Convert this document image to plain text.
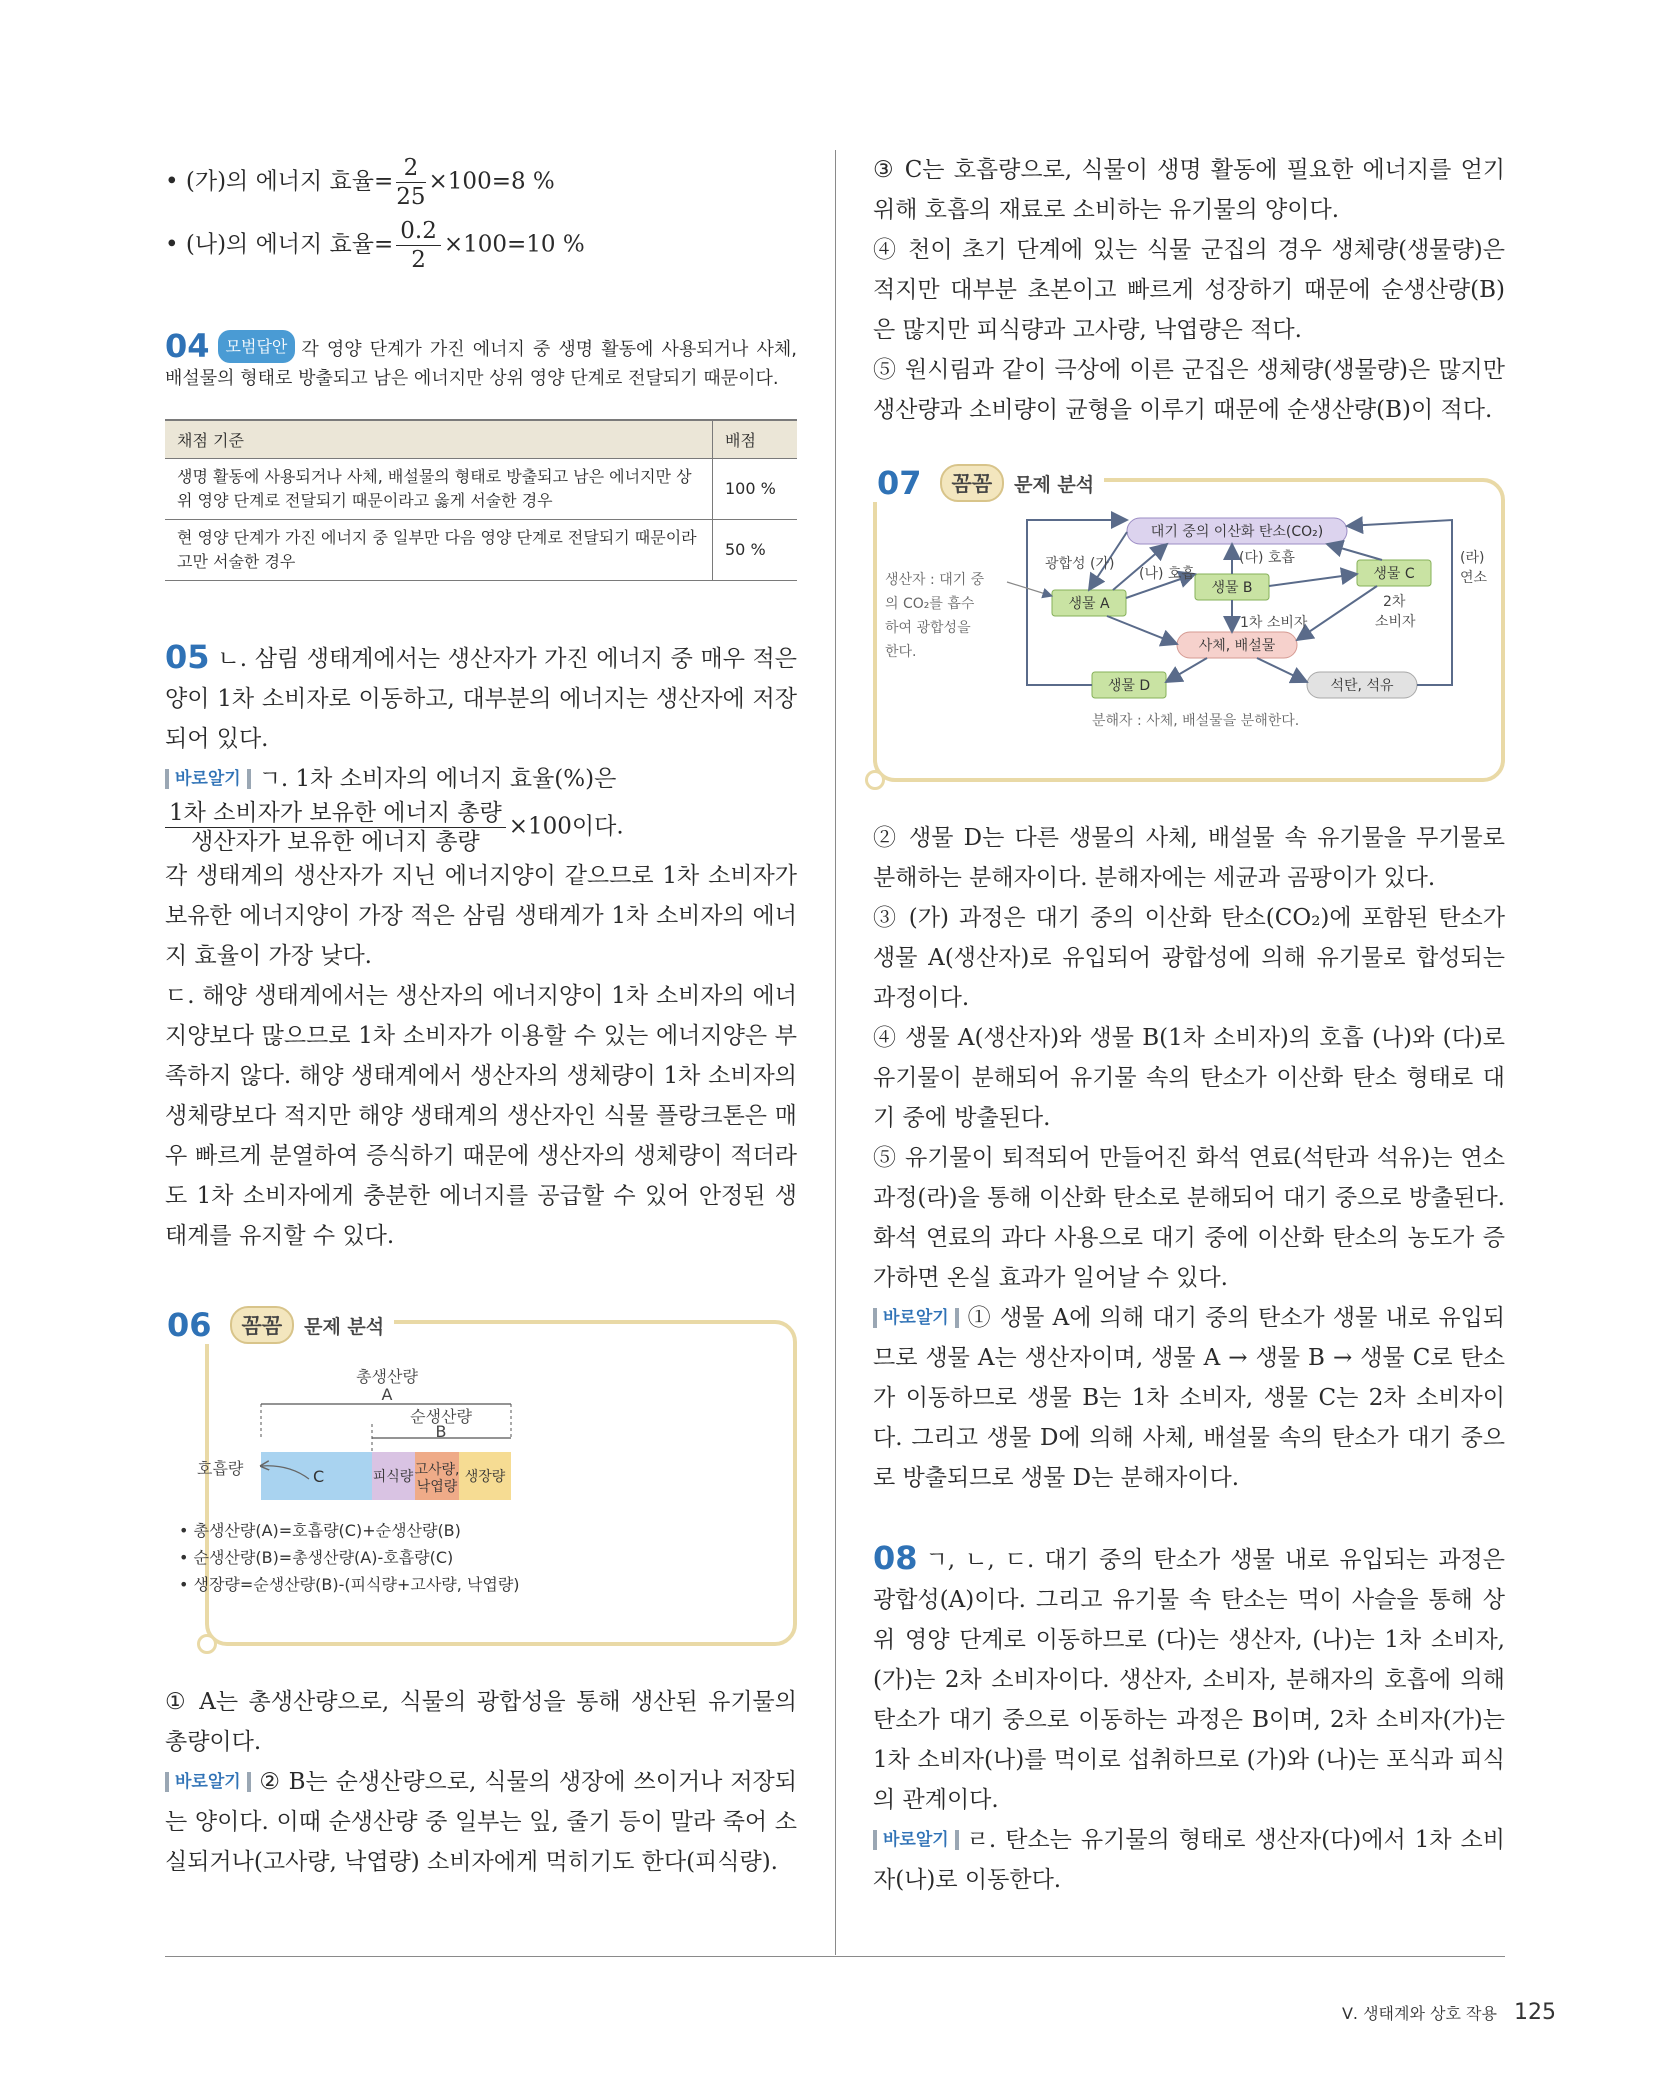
• (가)의 에너지 효율= $\frac{2}{25} \times 100=8$ %
• (나)의 에너지 효율= $\frac{0.2}{2} \times 100=10$ %

04 모범답안 각 영양 단계가 가진 에너지 중 생명 활동에 사용되거나 사체, 배설물의 형태로 방출되고 남은 에너지만 상위 영양 단계로 전달되기 때문이다.

채점 기준	배점
생명 활동에 사용되거나 사체, 배설물의 형태로 방출되고 남은 에너지만 상위 영양 단계로 전달되기 때문이라고 옳게 서술한 경우	100 %
현 영양 단계가 가진 에너지 중 일부만 다음 영양 단계로 전달되기 때문이라고만 서술한 경우	50 %

05 ㄴ. 삼림 생태계에서는 생산자가 가진 에너지 중 매우 적은 양이 1차 소비자로 이동하고, 대부분의 에너지는 생산자에 저장되어 있다.

바로알기 ㄱ. 1차 소비자의 에너지 효율(%)은

$\frac{\text{1차 소비자가 보유한 에너지 총량}}{\text{생산자가 보유한 에너지 총량}} \times 100$이다.

각 생태계의 생산자가 지닌 에너지양이 같으므로 1차 소비자가 보유한 에너지양이 가장 적은 삼림 생태계가 1차 소비자의 에너지 효율이 가장 낮다.

ㄷ. 해양 생태계에서는 생산자의 에너지양이 1차 소비자의 에너지양보다 많으므로 1차 소비자가 이용할 수 있는 에너지양은 부족하지 않다. 해양 생태계에서 생산자의 생체량이 1차 소비자의 생체량보다 적지만 해양 생태계의 생산자인 식물 플랑크톤은 매우 빠르게 분열하여 증식하기 때문에 생산자의 생체량이 적더라도 1차 소비자에게 충분한 에너지를 공급할 수 있어 안정된 생태계를 유지할 수 있다.

06	꼼꼼	문제 분석
총생산량
A
순생산량
B
C	피식량 고사량,
낙엽량
생장량
호흡량
• 총생산량(A)=호흡량(C)+순생산량(B)
• 순생산량(B)=총생산량(A)-호흡량(C)
• 생장량=순생산량(B)-(피식량+고사량, 낙엽량)

① A는 총생산량으로, 식물의 광합성을 통해 생산된 유기물의 총량이다.

바로알기 ② B는 순생산량으로, 식물의 생장에 쓰이거나 저장되는 양이다. 이때 순생산량 중 일부는 잎, 줄기 등이 말라 죽어 소실되거나(고사량, 낙엽량) 소비자에게 먹히기도 한다(피식량).

③ C는 호흡량으로, 식물이 생명 활동에 필요한 에너지를 얻기 위해 호흡의 재료로 소비하는 유기물의 양이다.

④ 천이 초기 단계에 있는 식물 군집의 경우 생체량(생물량)은 적지만 대부분 초본이고 빠르게 성장하기 때문에 순생산량(B)은 많지만 피식량과 고사량, 낙엽량은 적다.

⑤ 원시림과 같이 극상에 이른 군집은 생체량(생물량)은 많지만 생산량과 소비량이 균형을 이루기 때문에 순생산량(B)이 적다.

07	꼼꼼	문제 분석
대기 중의 이산화 탄소(CO₂)
생물 A
생물 B
생물 C
사체, 배설물
생물 D	석탄, 석유
광합성 (가)
(나) 호흡
(다) 호흡
1차 소비자
2차
소비자
(라)
연소
생산자 : 대기 중
의 CO₂를 흡수
하여 광합성을
한다.
분해자 : 사체, 배설물을 분해한다.

② 생물 D는 다른 생물의 사체, 배설물 속 유기물을 무기물로 분해하는 분해자이다. 분해자에는 세균과 곰팡이가 있다.

③ (가) 과정은 대기 중의 이산화 탄소(CO₂)에 포함된 탄소가 생물 A(생산자)로 유입되어 광합성에 의해 유기물로 합성되는 과정이다.

④ 생물 A(생산자)와 생물 B(1차 소비자)의 호흡 (나)와 (다)로 유기물이 분해되어 유기물 속의 탄소가 이산화 탄소 형태로 대기 중에 방출된다.

⑤ 유기물이 퇴적되어 만들어진 화석 연료(석탄과 석유)는 연소 과정(라)을 통해 이산화 탄소로 분해되어 대기 중으로 방출된다. 화석 연료의 과다 사용으로 대기 중에 이산화 탄소의 농도가 증가하면 온실 효과가 일어날 수 있다.

바로알기 ① 생물 A에 의해 대기 중의 탄소가 생물 내로 유입되므로 생물 A는 생산자이며, 생물 A → 생물 B → 생물 C로 탄소가 이동하므로 생물 B는 1차 소비자, 생물 C는 2차 소비자이다. 그리고 생물 D에 의해 사체, 배설물 속의 탄소가 대기 중으로 방출되므로 생물 D는 분해자이다.

08 ㄱ, ㄴ, ㄷ. 대기 중의 탄소가 생물 내로 유입되는 과정은 광합성(A)이다. 그리고 유기물 속 탄소는 먹이 사슬을 통해 상위 영양 단계로 이동하므로 (다)는 생산자, (나)는 1차 소비자, (가)는 2차 소비자이다. 생산자, 소비자, 분해자의 호흡에 의해 탄소가 대기 중으로 이동하는 과정은 B이며, 2차 소비자(가)는 1차 소비자(나)를 먹이로 섭취하므로 (가)와 (나)는 포식과 피식의 관계이다.

바로알기 ㄹ. 탄소는 유기물의 형태로 생산자(다)에서 1차 소비자(나)로 이동한다.

Ⅴ. 생태계와 상호 작용 125
